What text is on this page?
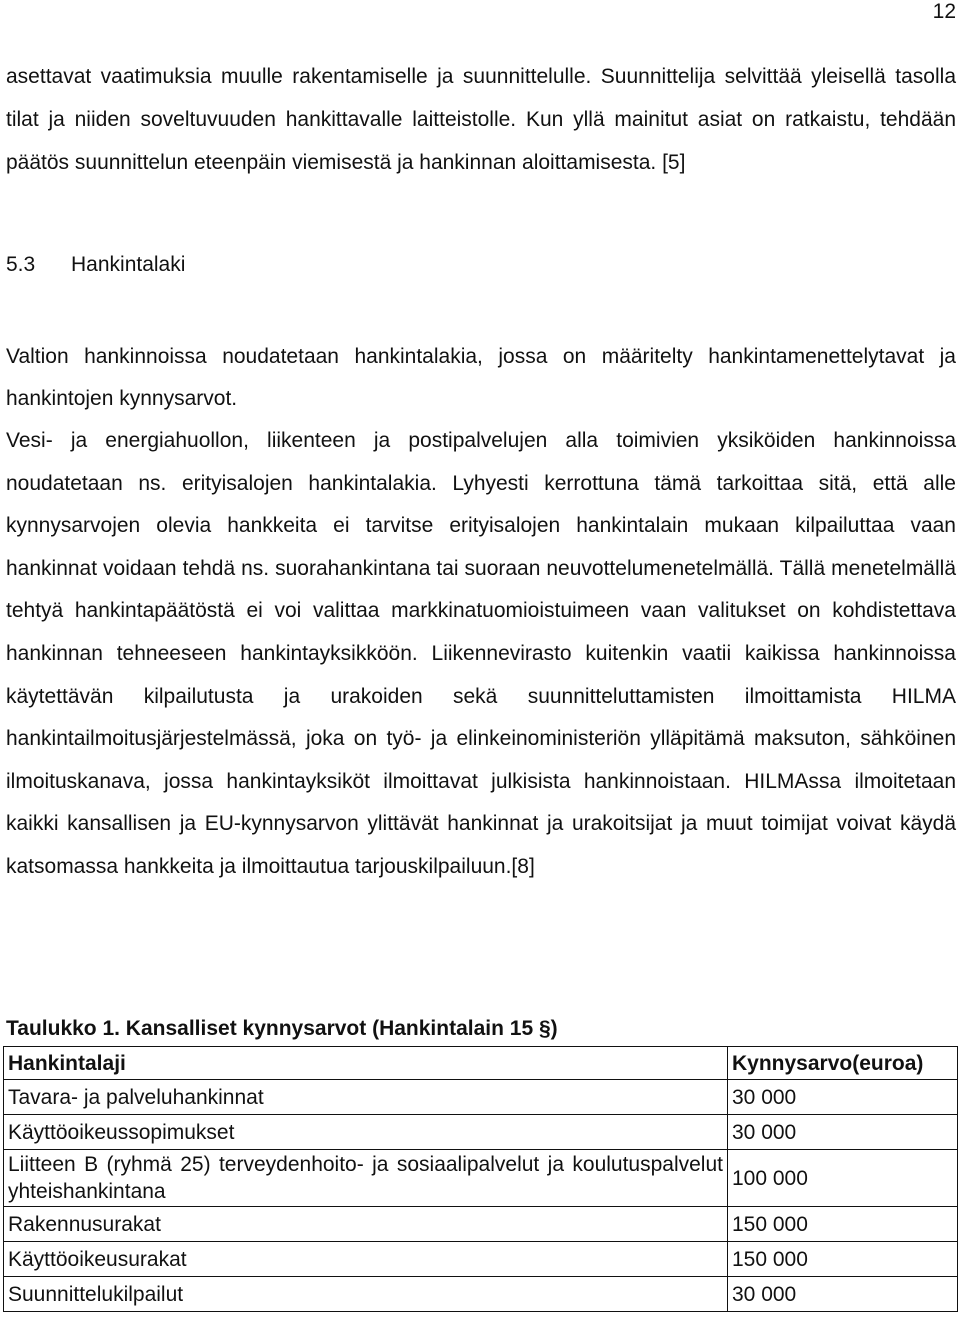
12

asettavat vaatimuksia muulle rakentamiselle ja suunnittelulle. Suunnittelija selvittää yleisellä tasolla tilat ja niiden soveltuvuuden hankittavalle laitteistolle. Kun yllä mainitut asiat on ratkaistu, tehdään päätös suunnittelun eteenpäin viemisestä ja hankinnan aloittamisesta. [5]

5.3 Hankintalaki

Valtion hankinnoissa noudatetaan hankintalakia, jossa on määritelty hankintamenettelytavat ja hankintojen kynnysarvot.

Vesi- ja energiahuollon, liikenteen ja postipalvelujen alla toimivien yksiköiden hankinnoissa noudatetaan ns. erityisalojen hankintalakia. Lyhyesti kerrottuna tämä tarkoittaa sitä, että alle kynnysarvojen olevia hankkeita ei tarvitse erityisalojen hankintalain mukaan kilpailuttaa vaan hankinnat voidaan tehdä ns. suorahankintana tai suoraan neuvottelumenetelmällä. Tällä menetelmällä tehtyä hankintapäätöstä ei voi valittaa markkinatuomioistuimeen vaan valitukset on kohdistettava hankinnan tehneeseen hankintayksikköön. Liikennevirasto kuitenkin vaatii kaikissa hankinnoissa käytettävän kilpailutusta ja urakoiden sekä suunnitteluttamisten ilmoittamista HILMA hankintailmoitusjärjestelmässä, joka on työ- ja elinkeinoministeriön ylläpitämä maksuton, sähköinen ilmoituskanava, jossa hankintayksiköt ilmoittavat julkisista hankinnoistaan. HILMAssa ilmoitetaan kaikki kansallisen ja EU-kynnysarvon ylittävät hankinnat ja urakoitsijat ja muut toimijat voivat käydä katsomassa hankkeita ja ilmoittautua tarjouskilpailuun.[8]

Taulukko 1. Kansalliset kynnysarvot (Hankintalain 15 §)

Hankintalaji	Kynnysarvo(euroa)
Tavara- ja palveluhankinnat	30 000
Käyttöoikeussopimukset	30 000
Liitteen B (ryhmä 25) terveydenhoito- ja sosiaalipalvelut ja koulutuspalvelut yhteishankintana	100 000
Rakennusurakat	150 000
Käyttöoikeusurakat	150 000
Suunnittelukilpailut	30 000
